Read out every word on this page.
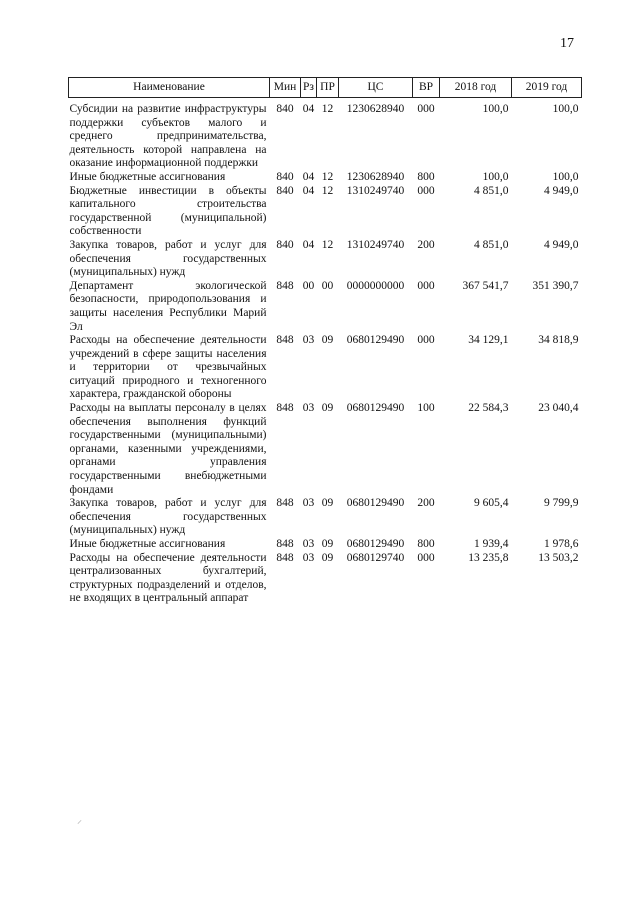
17
Наименование	Мин	Рз	ПР	ЦС	ВР	2018 год	2019 год
Субсидии на развитие инфраструктуры поддержки субъектов малого и среднего предпринимательства, деятельность которой направлена на оказание информационной поддержки	840	04	12	1230628940	000	100,0	100,0
Иные бюджетные ассигнования	840	04	12	1230628940	800	100,0	100,0
Бюджетные инвестиции в объекты капитального строительства государственной (муниципальной) собственности	840	04	12	1310249740	000	4 851,0	4 949,0
Закупка товаров, работ и услуг для обеспечения государственных (муниципальных) нужд	840	04	12	1310249740	200	4 851,0	4 949,0
Департамент экологической безопасности, природопользования и защиты населения Республики Марий Эл	848	00	00	0000000000	000	367 541,7	351 390,7
Расходы на обеспечение деятельности учреждений в сфере защиты населения и территории от чрезвычайных ситуаций природного и техногенного характера, гражданской обороны	848	03	09	0680129490	000	34 129,1	34 818,9
Расходы на выплаты персоналу в целях обеспечения выполнения функций государственными (муниципальными) органами, казенными учреждениями, органами управления государственными внебюджетными фондами	848	03	09	0680129490	100	22 584,3	23 040,4
Закупка товаров, работ и услуг для обеспечения государственных (муниципальных) нужд	848	03	09	0680129490	200	9 605,4	9 799,9
Иные бюджетные ассигнования	848	03	09	0680129490	800	1 939,4	1 978,6
Расходы на обеспечение деятельности централизованных бухгалтерий, структурных подразделений и отделов, не входящих в центральный аппарат	848	03	09	0680129740	000	13 235,8	13 503,2
⸝
